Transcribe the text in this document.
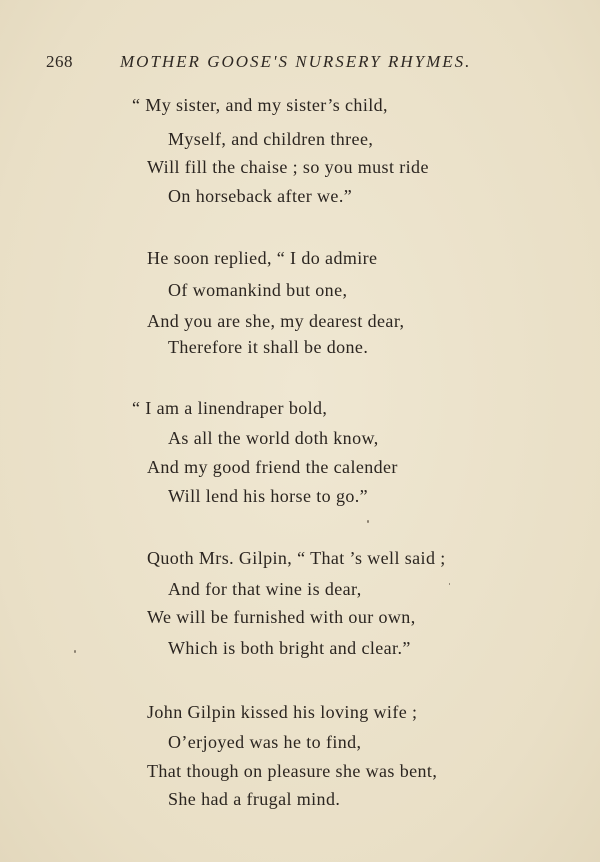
268	MOTHER GOOSE'S NURSERY RHYMES.
“ My sister, and my sister’s child,
Myself, and children three,
Will fill the chaise ; so you must ride
On horseback after we.”
He soon replied, “ I do admire
Of womankind but one,
And you are she, my dearest dear,
Therefore it shall be done.
“ I am a linendraper bold,
As all the world doth know,
And my good friend the calender
Will lend his horse to go.”
Quoth Mrs. Gilpin, “ That ’s well said ;
And for that wine is dear,
We will be furnished with our own,
Which is both bright and clear.”
John Gilpin kissed his loving wife ;
O’erjoyed was he to find,
That though on pleasure she was bent,
She had a frugal mind.
